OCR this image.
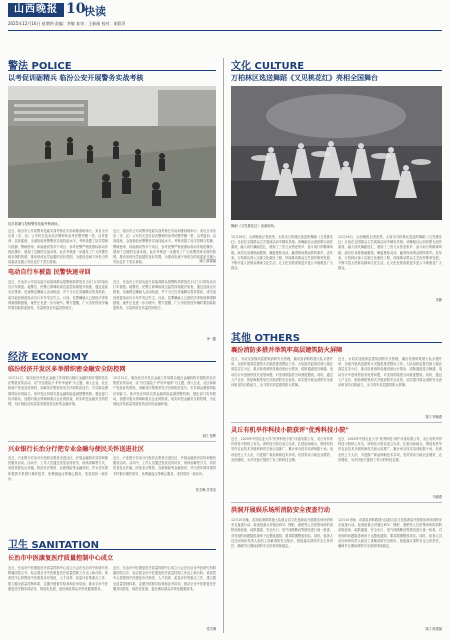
山西晚报 10
快读
2025年12月16日 星期四 责编：李敏 复审：王新刚 校对：胡彩萍
警法 POLICE
以考促训砺精兵 临汾公安开展警务实战考核
徒手抓捕与控制警务技能考核现场。
近日，临汾市公安局警务技能实战考核在市局训练基地举行。来自全市各县（市、区）公安机关及市局各警种的参考民警齐聚一堂，以考促训、以赛促练，全面检验民警警务实战技能水平。考核设置了徒手控制与抓捕、警械使用、体能测试等多个项目，参考民警严格按照标准动作规范操作，展现了过硬的实战本领。此次考核进一步激发了广大民警苦练本领的热情，推动形成比学赶超的良好氛围，为建设忠诚干净担当的高素质过硬公安队伍打下坚实基础。
近日，临汾市公安局警务技能实战考核在市局训练基地举行。来自全市各县（市、区）公安机关及市局各警种的参考民警齐聚一堂，以考促训、以赛促练，全面检验民警警务实战技能水平。考核设置了徒手控制与抓捕、警械使用、体能测试等多个项目，参考民警严格按照标准动作规范操作，展现了过硬的实战本领。此次考核进一步激发了广大民警苦练本领的热情，推动形成比学赶超的良好氛围，为建设忠诚干净担当的高素质过硬公安队伍打下坚实基础。	刘江 薛建斌
电动自行车被盗 民警快速寻回
近日，长治市公安局屯留分局接到群众报警称其停放在小区门口的电动自行车被盗。接警后，民警立即调取周边监控视频展开侦查，通过连续走访排查，迅速锁定嫌疑人活动轨迹，并于当日在其落脚点将其抓获，成功追回被盗电动自行车并发还失主。目前，犯罪嫌疑人已被依法采取刑事强制措施，案件正在进一步办理中。警方提醒，广大市民停放车辆时要加装防盗锁具，尽量停放在有监控的地方。
近日，长治市公安局屯留分局接到群众报警称其停放在小区门口的电动自行车被盗。接警后，民警立即调取周边监控视频展开侦查，通过连续走访排查，迅速锁定嫌疑人活动轨迹，并于当日在其落脚点将其抓获，成功追回被盗电动自行车并发还失主。目前，犯罪嫌疑人已被依法采取刑事强制措施，案件正在进一步办理中。警方提醒，广大市民停放车辆时要加装防盗锁具，尽量停放在有监控的地方。
李一鑫
经济 ECONOMY
临汾经济开发区多举措织密金融安全防控网
12月11日，临汾经济开发区金融工作局联合辖区金融机构开展防范非法集资宣传活动，以"守住钱袋子·护好幸福家"为主题，深入企业、社区和商户发放宣传资料，讲解非法集资常见手法和防范技巧，引导群众增强风险识别能力。该开发区持续完善金融风险监测预警机制，强化部门协作联动，加强对重点领域和重点企业的排查，切实织密金融安全防控网，为区域经济高质量发展营造良好的金融环境。
12月11日，临汾经济开发区金融工作局联合辖区金融机构开展防范非法集资宣传活动，以"守住钱袋子·护好幸福家"为主题，深入企业、社区和商户发放宣传资料，讲解非法集资常见手法和防范技巧，引导群众增强风险识别能力。该开发区持续完善金融风险监测预警机制，强化部门协作联动，加强对重点领域和重点企业的排查，切实织密金融安全防控网，为区域经济高质量发展营造良好的金融环境。
刘江 张辉
兴业银行长治分行把专业金融与便民关怀送进社区
近日，兴业银行长治分行组织志愿者走进社区，开展金融知识宣传和便民服务活动。活动中，工作人员通过发放宣传折页、现场讲解等方式，向居民普及反诈骗、防范非法集资、存款保险等金融知识，并为老年群体提供手机银行操作指导、免费测血压等暖心服务，受到居民一致好评。
近日，兴业银行长治分行组织志愿者走进社区，开展金融知识宣传和便民服务活动。活动中，工作人员通过发放宣传折页、现场讲解等方式，向居民普及反诈骗、防范非法集资、存款保险等金融知识，并为老年群体提供手机银行操作指导、免费测血压等暖心服务，受到居民一致好评。
张艾琳 任茂莹
卫生 SANITATION
长治市中医康复医疗质量控制中心成立
近日，长治市中医康复医疗质量控制中心成立大会在长治市中医研究所附属医院召开，标志着全市中医康复医疗质量控制工作迈上新台阶。该质控中心将围绕中医康复诊疗规范、人才培养、质量评价等重点工作，建立健全质量控制体系，定期开展督导检查和业务培训，推动全市中医康复医疗服务同质化、规范化发展，更好满足群众多样化健康需求。
近日，长治市中医康复医疗质量控制中心成立大会在长治市中医研究所附属医院召开，标志着全市中医康复医疗质量控制工作迈上新台阶。该质控中心将围绕中医康复诊疗规范、人才培养、质量评价等重点工作，建立健全质量控制体系，定期开展督导检查和业务培训，推动全市中医康复医疗服务同质化、规范化发展，更好满足群众多样化健康需求。
张艾琳
文化 CULTURE
万柏林区选送舞蹈《又见桃花红》亮相全国舞台
舞蹈《又见桃花红》表演现场。
12月16日，山西晚报记者获悉，太原市万柏林区选送的舞蹈《又见桃花红》日前在全国群众文艺展演活动中精彩亮相。该舞蹈以山西民歌为创作素材，融入现代舞蹈语汇，展现了三晋儿女热爱家乡、奋斗前行的精神风貌。演员们身着艳丽服饰，舞姿曼妙灵动，赢得现场观众阵阵掌声。近年来，万柏林区深入实施文化惠民工程，持续推动群众文艺创作繁荣发展，不断丰富人民群众精神文化生活，让文化发展成果更多更公平地惠及广大群众。
12月16日，山西晚报记者获悉，太原市万柏林区选送的舞蹈《又见桃花红》日前在全国群众文艺展演活动中精彩亮相。该舞蹈以山西民歌为创作素材，融入现代舞蹈语汇，展现了三晋儿女热爱家乡、奋斗前行的精神风貌。演员们身着艳丽服饰，舞姿曼妙灵动，赢得现场观众阵阵掌声。近年来，万柏林区深入实施文化惠民工程，持续推动群众文艺创作繁荣发展，不断丰富人民群众精神文化生活，让文化发展成果更多更公平地惠及广大群众。
李静
其他 OTHERS
襄汾消防多措并举筑牢高层建筑防火屏障
近日，为切实加强高层建筑消防安全管理，襄汾县消防救援大队多措并举，全面开展高层建筑火灾隐患排查整治工作。大队组织监督员深入辖区高层住宅小区，重点检查消防设施设备运行情况、疏散通道是否畅通、电动自行车违规停放充电等问题，对发现的隐患当场督促整改。同时，通过入户走访、张贴海报等形式开展消防安全宣传，切实提升群众消防安全意识和自防自救能力，全力筑牢高层建筑防火屏障。
近日，为切实加强高层建筑消防安全管理，襄汾县消防救援大队多措并举，全面开展高层建筑火灾隐患排查整治工作。大队组织监督员深入辖区高层住宅小区，重点检查消防设施设备运行情况、疏散通道是否畅通、电动自行车违规停放充电等问题，对发现的隐患当场督促整改。同时，通过入户走访、张贴海报等形式开展消防安全宣传，切实提升群众消防安全意识和自防自救能力，全力筑牢高层建筑防火屏障。
刘江 李晓燕
灵丘有机旱作科技小院获评"优秀科技小院"
近日，2025年中国农业大学"优秀科技小院"评选结果公布，灵丘有机旱作科技小院榜上有名。该科技小院自成立以来，扎根田间地头，围绕有机旱作农业技术开展科研攻关和示范推广，累计举办技术培训班数十场，培训农民上千人次，引进推广新品种新技术多项，有效带动当地农业增效、农民增收，为乡村振兴提供了有力的科技支撑。
近日，2025年中国农业大学"优秀科技小院"评选结果公布，灵丘有机旱作科技小院榜上有名。该科技小院自成立以来，扎根田间地头，围绕有机旱作农业技术开展科研攻关和示范推广，累计举办技术培训班数十场，培训农民上千人次，引进推广新品种新技术多项，有效带动当地农业增效、农民增收，为乡村振兴提供了有力的科技支撑。
马晓燕
洪洞开展娱乐场所消防安全夜查行动
12月10日晚，洪洞县消防救援大队联合县文化旅游局开展娱乐场所消防安全夜查行动。检查组重点对辖区KTV、网吧、酒吧等人员密集场所的消防设施设备、疏散通道、安全出口、电气线路敷设等情况进行逐一检查，对发现的问题隐患现场下达整改通知，要求限期整改到位。同时，检查人员还向场所负责人和员工讲解消防安全知识，督促落实消防安全主体责任，确保节日期间消防安全形势持续稳定。
12月10日晚，洪洞县消防救援大队联合县文化旅游局开展娱乐场所消防安全夜查行动。检查组重点对辖区KTV、网吧、酒吧等人员密集场所的消防设施设备、疏散通道、安全出口、电气线路敷设等情况进行逐一检查，对发现的问题隐患现场下达整改通知，要求限期整改到位。同时，检查人员还向场所负责人和员工讲解消防安全知识，督促落实消防安全主体责任，确保节日期间消防安全形势持续稳定。
刘江 薛建斌
